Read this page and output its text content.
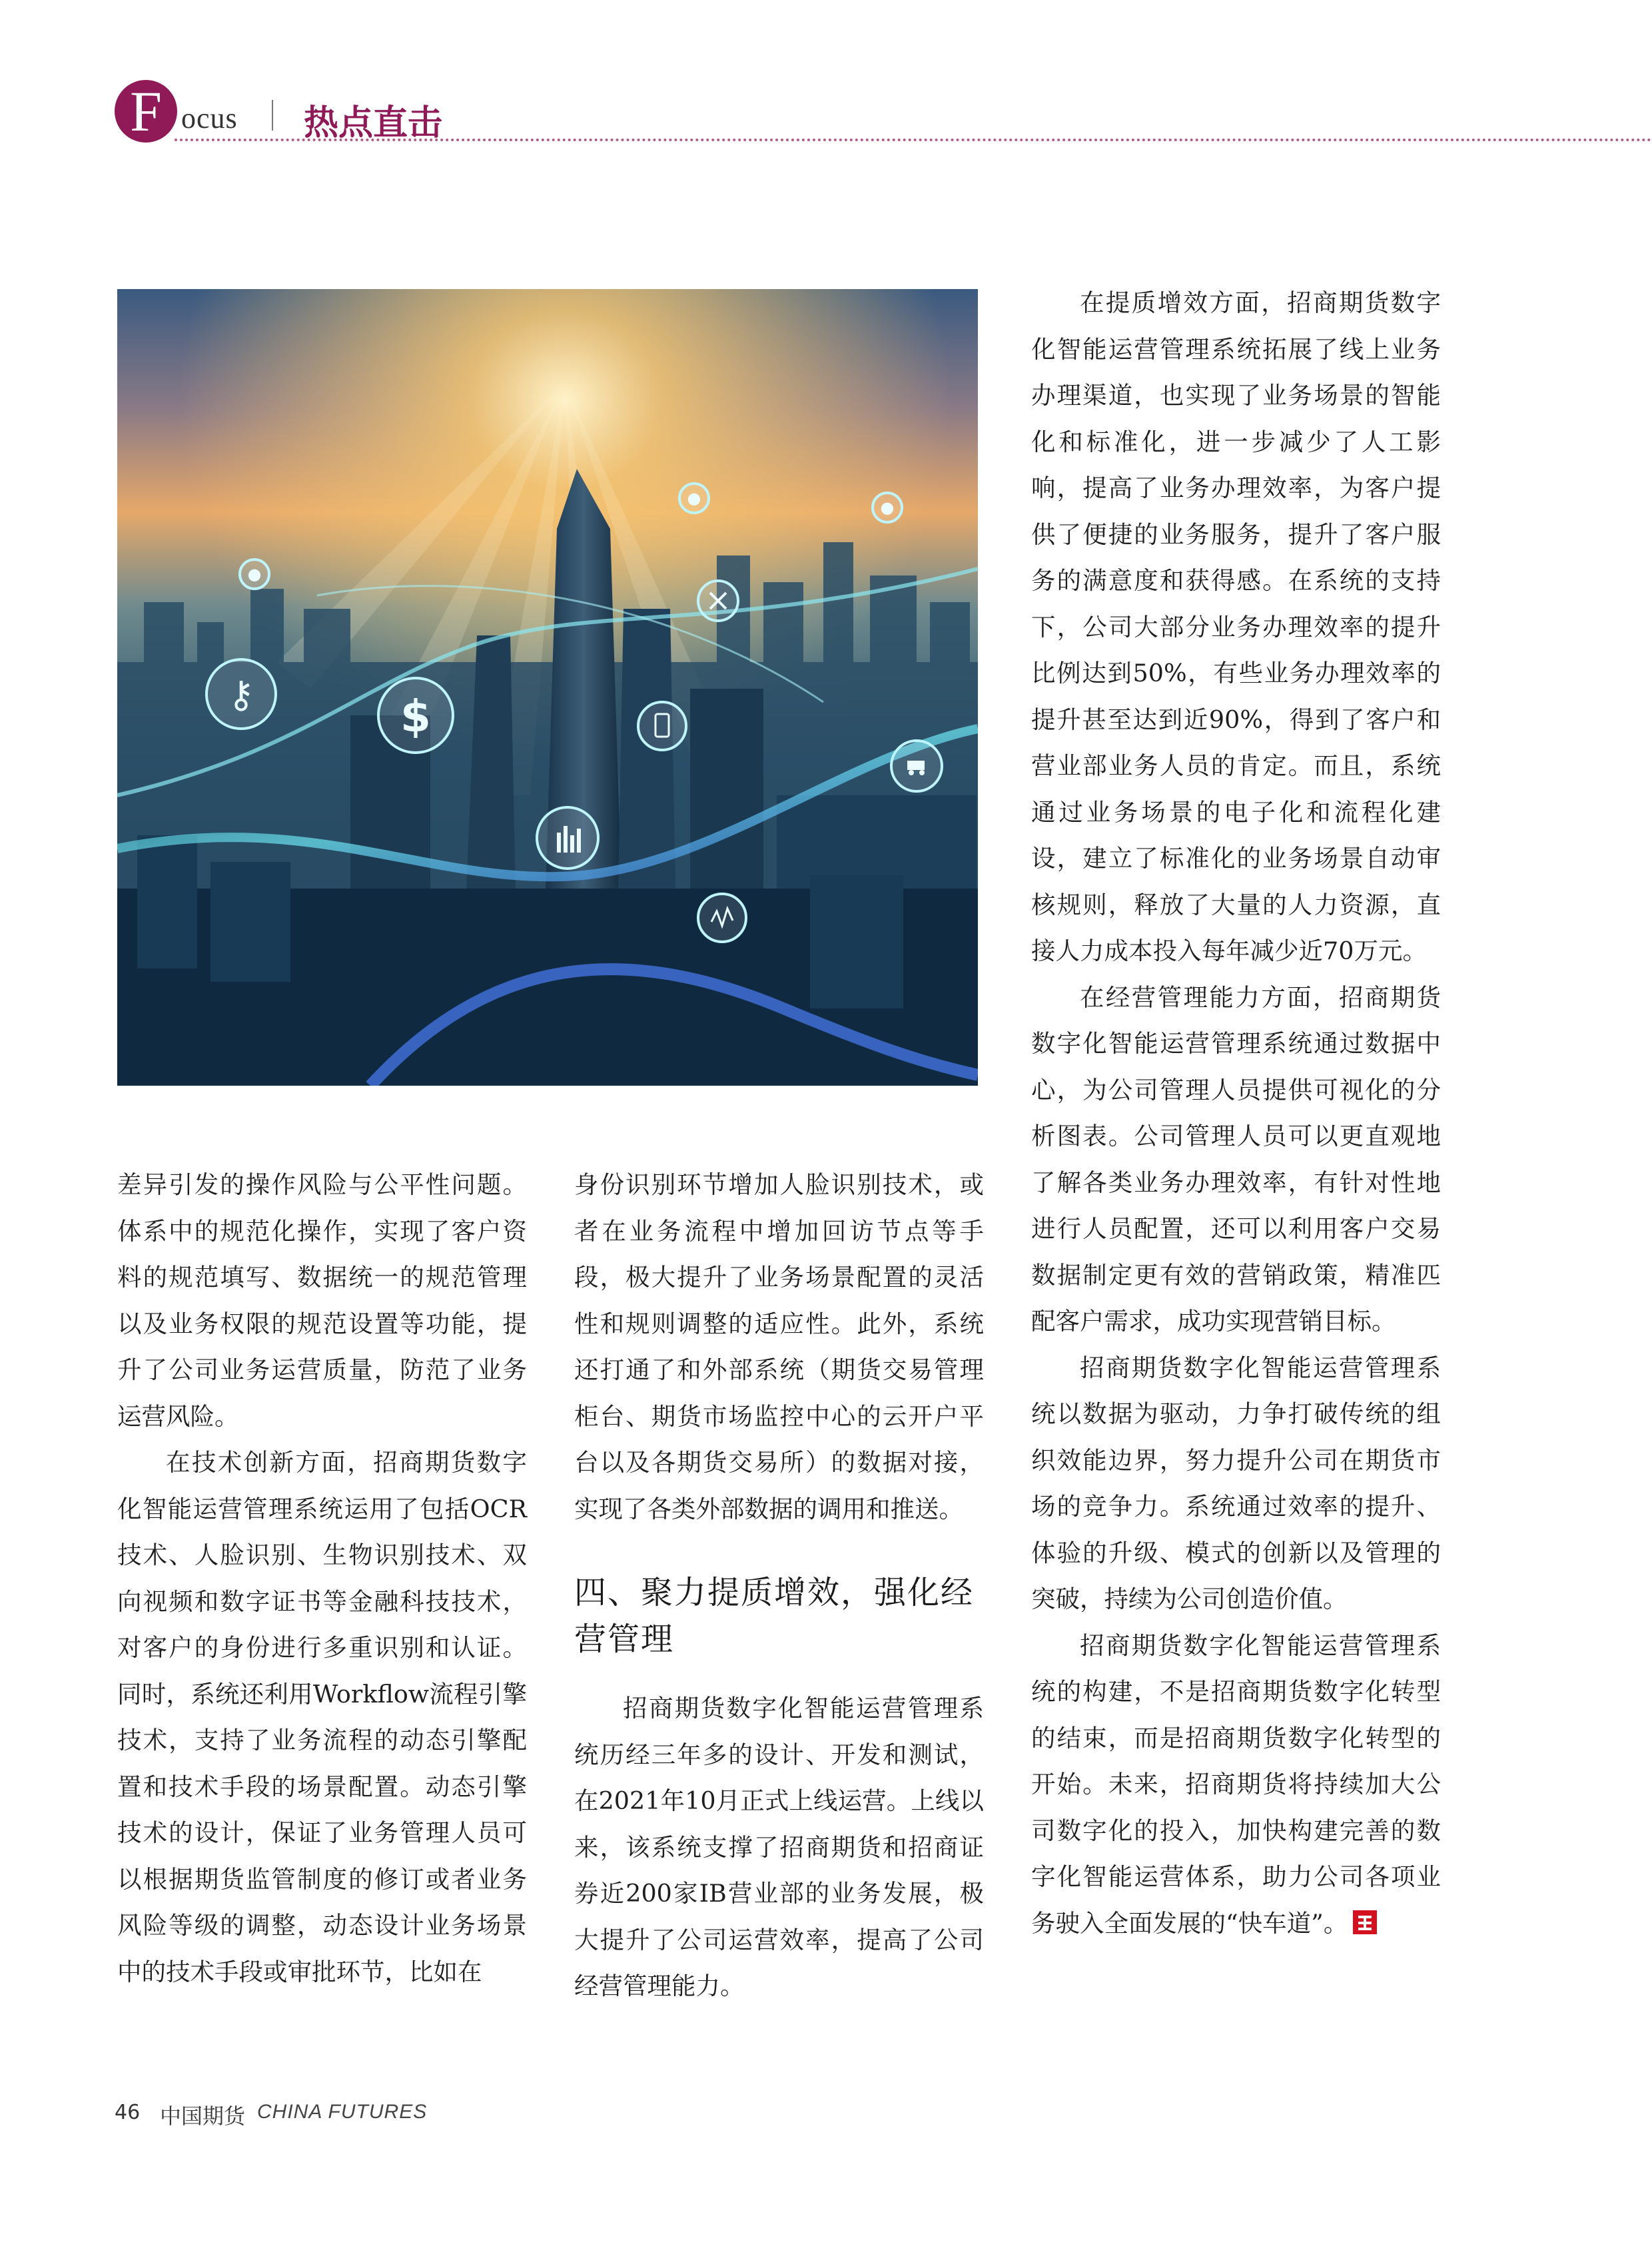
F ocus 热点直击
⚷	$
●
●
●

差异引发的操作风险与公平性问题。体系中的规范化操作，实现了客户资料的规范填写、数据统一的规范管理以及业务权限的规范设置等功能，提升了公司业务运营质量，防范了业务运营风险。

在技术创新方面，招商期货数字化智能运营管理系统运用了包括OCR技术、人脸识别、生物识别技术、双向视频和数字证书等金融科技技术，对客户的身份进行多重识别和认证。同时，系统还利用Workflow流程引擎技术，支持了业务流程的动态引擎配置和技术手段的场景配置。动态引擎技术的设计，保证了业务管理人员可以根据期货监管制度的修订或者业务风险等级的调整，动态设计业务场景中的技术手段或审批环节，比如在

身份识别环节增加人脸识别技术，或者在业务流程中增加回访节点等手段，极大提升了业务场景配置的灵活性和规则调整的适应性。此外，系统还打通了和外部系统（期货交易管理柜台、期货市场监控中心的云开户平台以及各期货交易所）的数据对接，实现了各类外部数据的调用和推送。

四、聚力提质增效，强化经营管理

招商期货数字化智能运营管理系统历经三年多的设计、开发和测试，在2021年10月正式上线运营。上线以来，该系统支撑了招商期货和招商证券近200家IB营业部的业务发展，极大提升了公司运营效率，提高了公司经营管理能力。

在提质增效方面，招商期货数字化智能运营管理系统拓展了线上业务办理渠道，也实现了业务场景的智能化和标准化，进一步减少了人工影响，提高了业务办理效率，为客户提供了便捷的业务服务，提升了客户服务的满意度和获得感。在系统的支持下，公司大部分业务办理效率的提升比例达到50%，有些业务办理效率的提升甚至达到近90%，得到了客户和营业部业务人员的肯定。而且，系统通过业务场景的电子化和流程化建设，建立了标准化的业务场景自动审核规则，释放了大量的人力资源，直接人力成本投入每年减少近70万元。

在经营管理能力方面，招商期货数字化智能运营管理系统通过数据中心，为公司管理人员提供可视化的分析图表。公司管理人员可以更直观地了解各类业务办理效率，有针对性地进行人员配置，还可以利用客户交易数据制定更有效的营销政策，精准匹配客户需求，成功实现营销目标。

招商期货数字化智能运营管理系统以数据为驱动，力争打破传统的组织效能边界，努力提升公司在期货市场的竞争力。系统通过效率的提升、体验的升级、模式的创新以及管理的突破，持续为公司创造价值。

招商期货数字化智能运营管理系统的构建，不是招商期货数字化转型的结束，而是招商期货数字化转型的开始。未来，招商期货将持续加大公司数字化的投入，加快构建完善的数字化智能运营体系，助力公司各项业务驶入全面发展的“快车道”。

46 中国期货 CHINA FUTURES
